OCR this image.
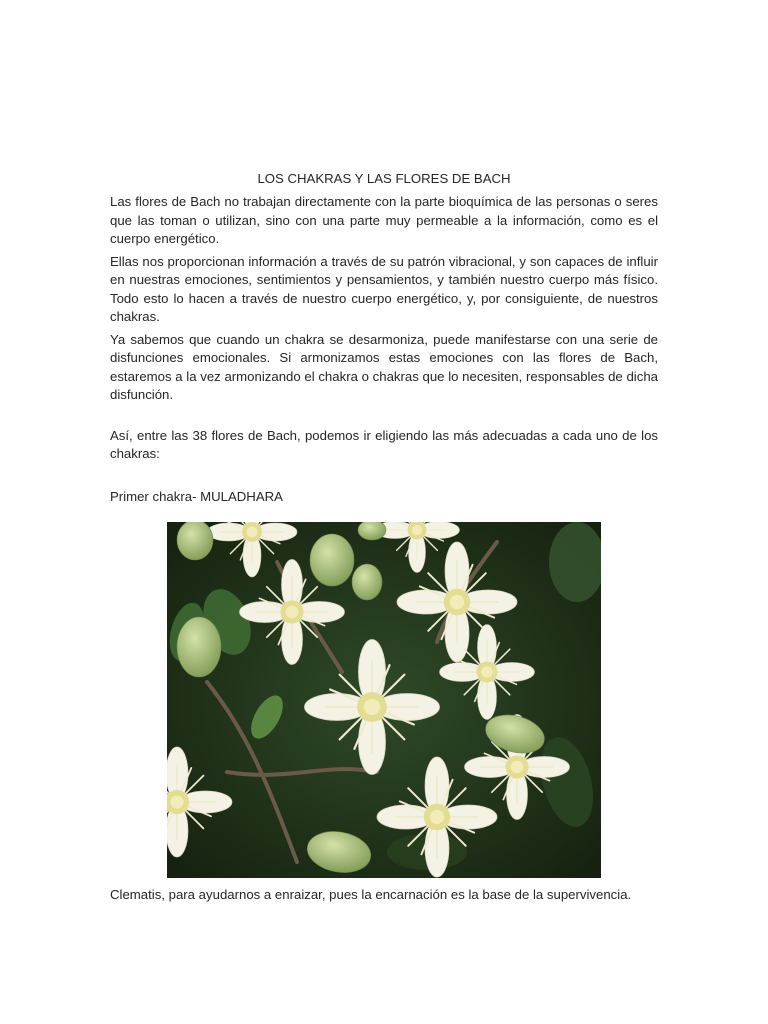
LOS CHAKRAS Y LAS FLORES DE BACH

Las flores de Bach no trabajan directamente con la parte bioquímica de las personas o seres que las toman o utilizan, sino con una parte muy permeable a la información, como es el cuerpo energético.

Ellas nos proporcionan información a través de su patrón vibracional, y son capaces de influir en nuestras emociones, sentimientos y pensamientos, y también nuestro cuerpo más físico. Todo esto lo hacen a través de nuestro cuerpo energético, y, por consiguiente, de nuestros chakras.

Ya sabemos que cuando un chakra se desarmoniza, puede manifestarse con una serie de disfunciones emocionales. Si armonizamos estas emociones con las flores de Bach, estaremos a la vez armonizando el chakra o chakras que lo necesiten, responsables de dicha disfunción.

Así, entre las 38 flores de Bach, podemos ir eligiendo las más adecuadas a cada uno de los chakras:

Primer chakra- MULADHARA

Clematis, para ayudarnos a enraizar, pues la encarnación es la base de la supervivencia.
